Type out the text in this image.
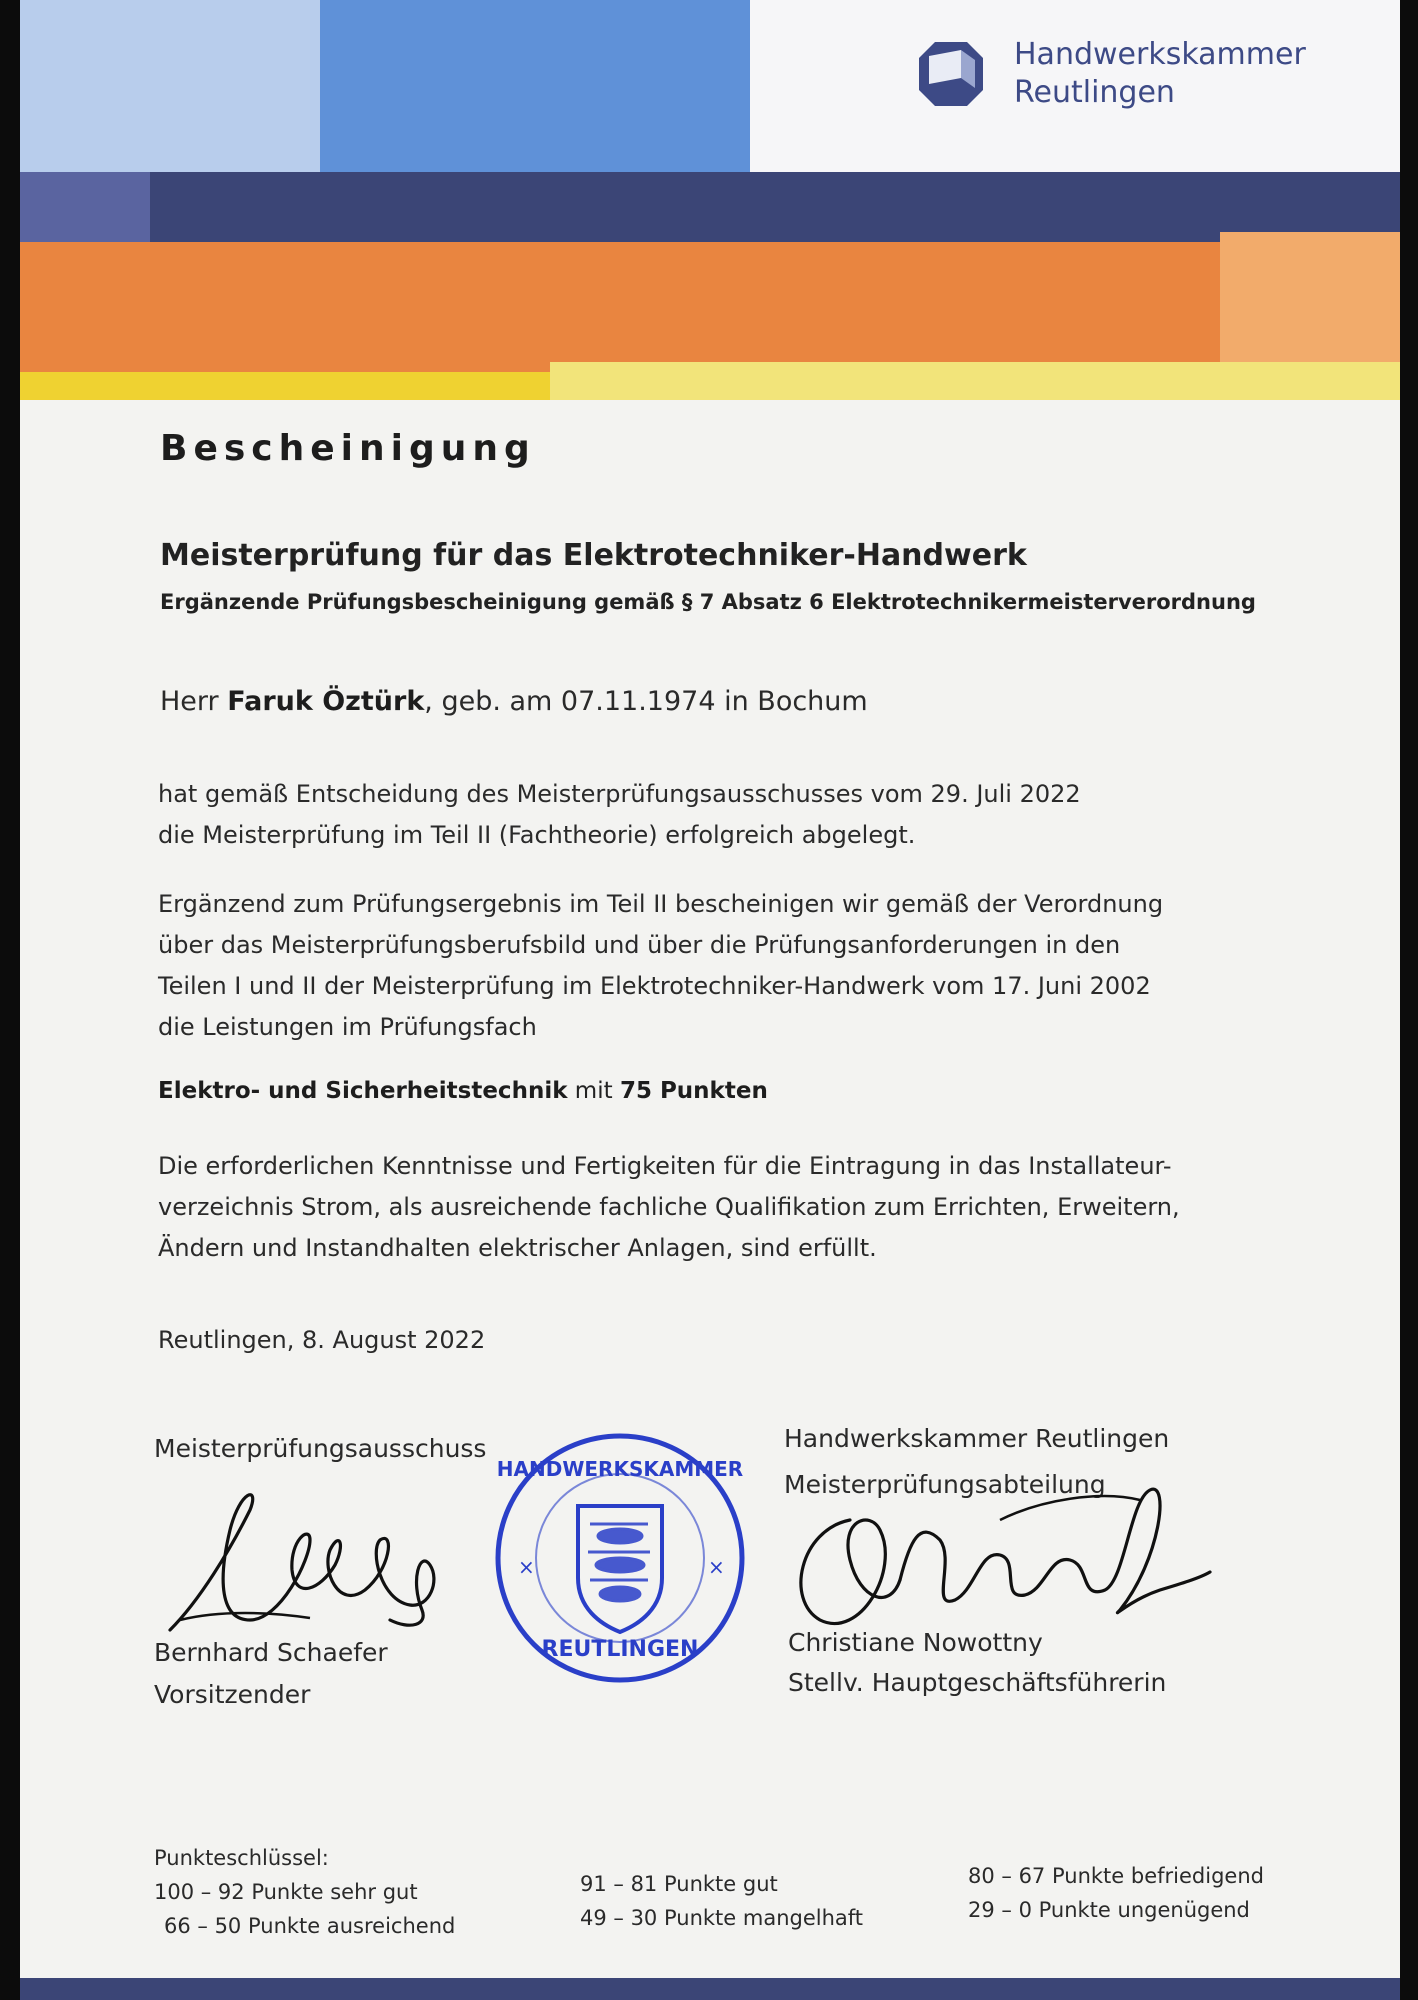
Handwerkskammer
Reutlingen
Bescheinigung
Meisterprüfung für das Elektrotechniker-Handwerk
Ergänzende Prüfungsbescheinigung gemäß § 7 Absatz 6 Elektrotechnikermeisterverordnung
Herr Faruk Öztürk, geb. am 07.11.1974 in Bochum
hat gemäß Entscheidung des Meisterprüfungsausschusses vom 29. Juli 2022
die Meisterprüfung im Teil II (Fachtheorie) erfolgreich abgelegt.
Ergänzend zum Prüfungsergebnis im Teil II bescheinigen wir gemäß der Verordnung
über das Meisterprüfungsberufsbild und über die Prüfungsanforderungen in den
Teilen I und II der Meisterprüfung im Elektrotechniker-Handwerk vom 17. Juni 2002
die Leistungen im Prüfungsfach
Elektro- und Sicherheitstechnik mit 75 Punkten
Die erforderlichen Kenntnisse und Fertigkeiten für die Eintragung in das Installateur-
verzeichnis Strom, als ausreichende fachliche Qualifikation zum Errichten, Erweitern,
Ändern und Instandhalten elektrischer Anlagen, sind erfüllt.
Reutlingen, 8. August 2022
Meisterprüfungsausschuss
Bernhard Schaefer
Vorsitzender
HANDWERKSKAMMER
REUTLINGEN
×	×
Handwerkskammer Reutlingen
Meisterprüfungsabteilung
Christiane Nowottny
Stellv. Hauptgeschäftsführerin
Punkteschlüssel:
100 – 92 Punkte sehr gut
66 – 50 Punkte ausreichend
91 – 81 Punkte gut
49 – 30 Punkte mangelhaft
80 – 67 Punkte befriedigend
29 – 0 Punkte ungenügend
